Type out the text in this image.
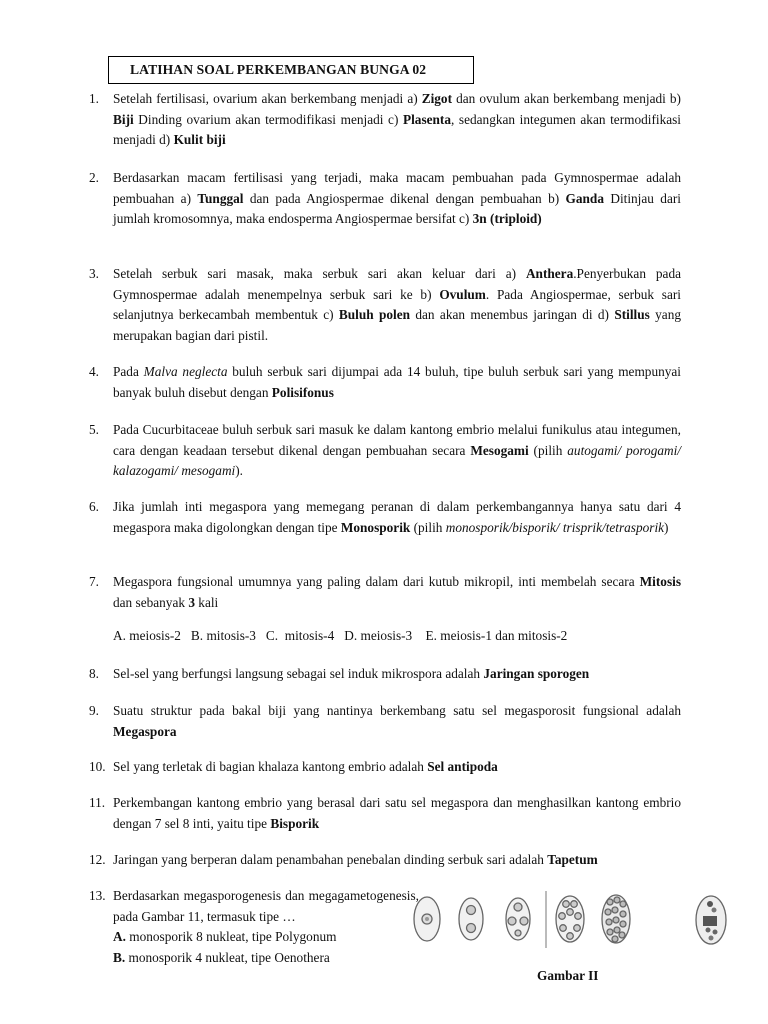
LATIHAN SOAL PERKEMBANGAN BUNGA 02
1. Setelah fertilisasi, ovarium akan berkembang menjadi a) Zigot dan ovulum akan berkembang menjadi b) Biji Dinding ovarium akan termodifikasi menjadi c) Plasenta, sedangkan integumen akan termodifikasi menjadi d) Kulit biji

2. Berdasarkan macam fertilisasi yang terjadi, maka macam pembuahan pada Gymnospermae adalah pembuahan a) Tunggal dan pada Angiospermae dikenal dengan pembuahan b) Ganda Ditinjau dari jumlah kromosomnya, maka endosperma Angiospermae bersifat c) 3n (triploid)

3. Setelah serbuk sari masak, maka serbuk sari akan keluar dari a) Anthera.Penyerbukan pada Gymnospermae adalah menempelnya serbuk sari ke b) Ovulum. Pada Angiospermae, serbuk sari selanjutnya berkecambah membentuk c) Buluh polen dan akan menembus jaringan di d) Stillus yang merupakan bagian dari pistil.

4. Pada Malva neglecta buluh serbuk sari dijumpai ada 14 buluh, tipe buluh serbuk sari yang mempunyai banyak buluh disebut dengan Polisifonus

5. Pada Cucurbitaceae buluh serbuk sari masuk ke dalam kantong embrio melalui funikulus atau integumen, cara dengan keadaan tersebut dikenal dengan pembuahan secara Mesogami (pilih autogami/ porogami/ kalazogami/ mesogami).

6. Jika jumlah inti megaspora yang memegang peranan di dalam perkembangannya hanya satu dari 4 megaspora maka digolongkan dengan tipe Monosporik (pilih monosporik/bisporik/ trisprik/tetrasporik)

7. Megaspora fungsional umumnya yang paling dalam dari kutub mikropil, inti membelah secara Mitosis dan sebanyak 3 kali

8. Sel-sel yang berfungsi langsung sebagai sel induk mikrospora adalah Jaringan sporogen

9. Suatu struktur pada bakal biji yang nantinya berkembang satu sel megasporosit fungsional adalah Megaspora

10. Sel yang terletak di bagian khalaza kantong embrio adalah Sel antipoda

11. Perkembangan kantong embrio yang berasal dari satu sel megaspora dan menghasilkan kantong embrio dengan 7 sel 8 inti, yaitu tipe Bisporik

12. Jaringan yang berperan dalam penambahan penebalan dinding serbuk sari adalah Tapetum

A. meiosis-2   B. mitosis-3   C.  mitosis-4   D. meiosis-3    E. meiosis-1 dan mitosis-2
13. Berdasarkan megasporogenesis dan megagametogenesis, pada Gambar 11, termasuk tipe …
A. monosporik 8 nukleat, tipe Polygonum
B. monosporik 4 nukleat, tipe Oenothera
Gambar II
